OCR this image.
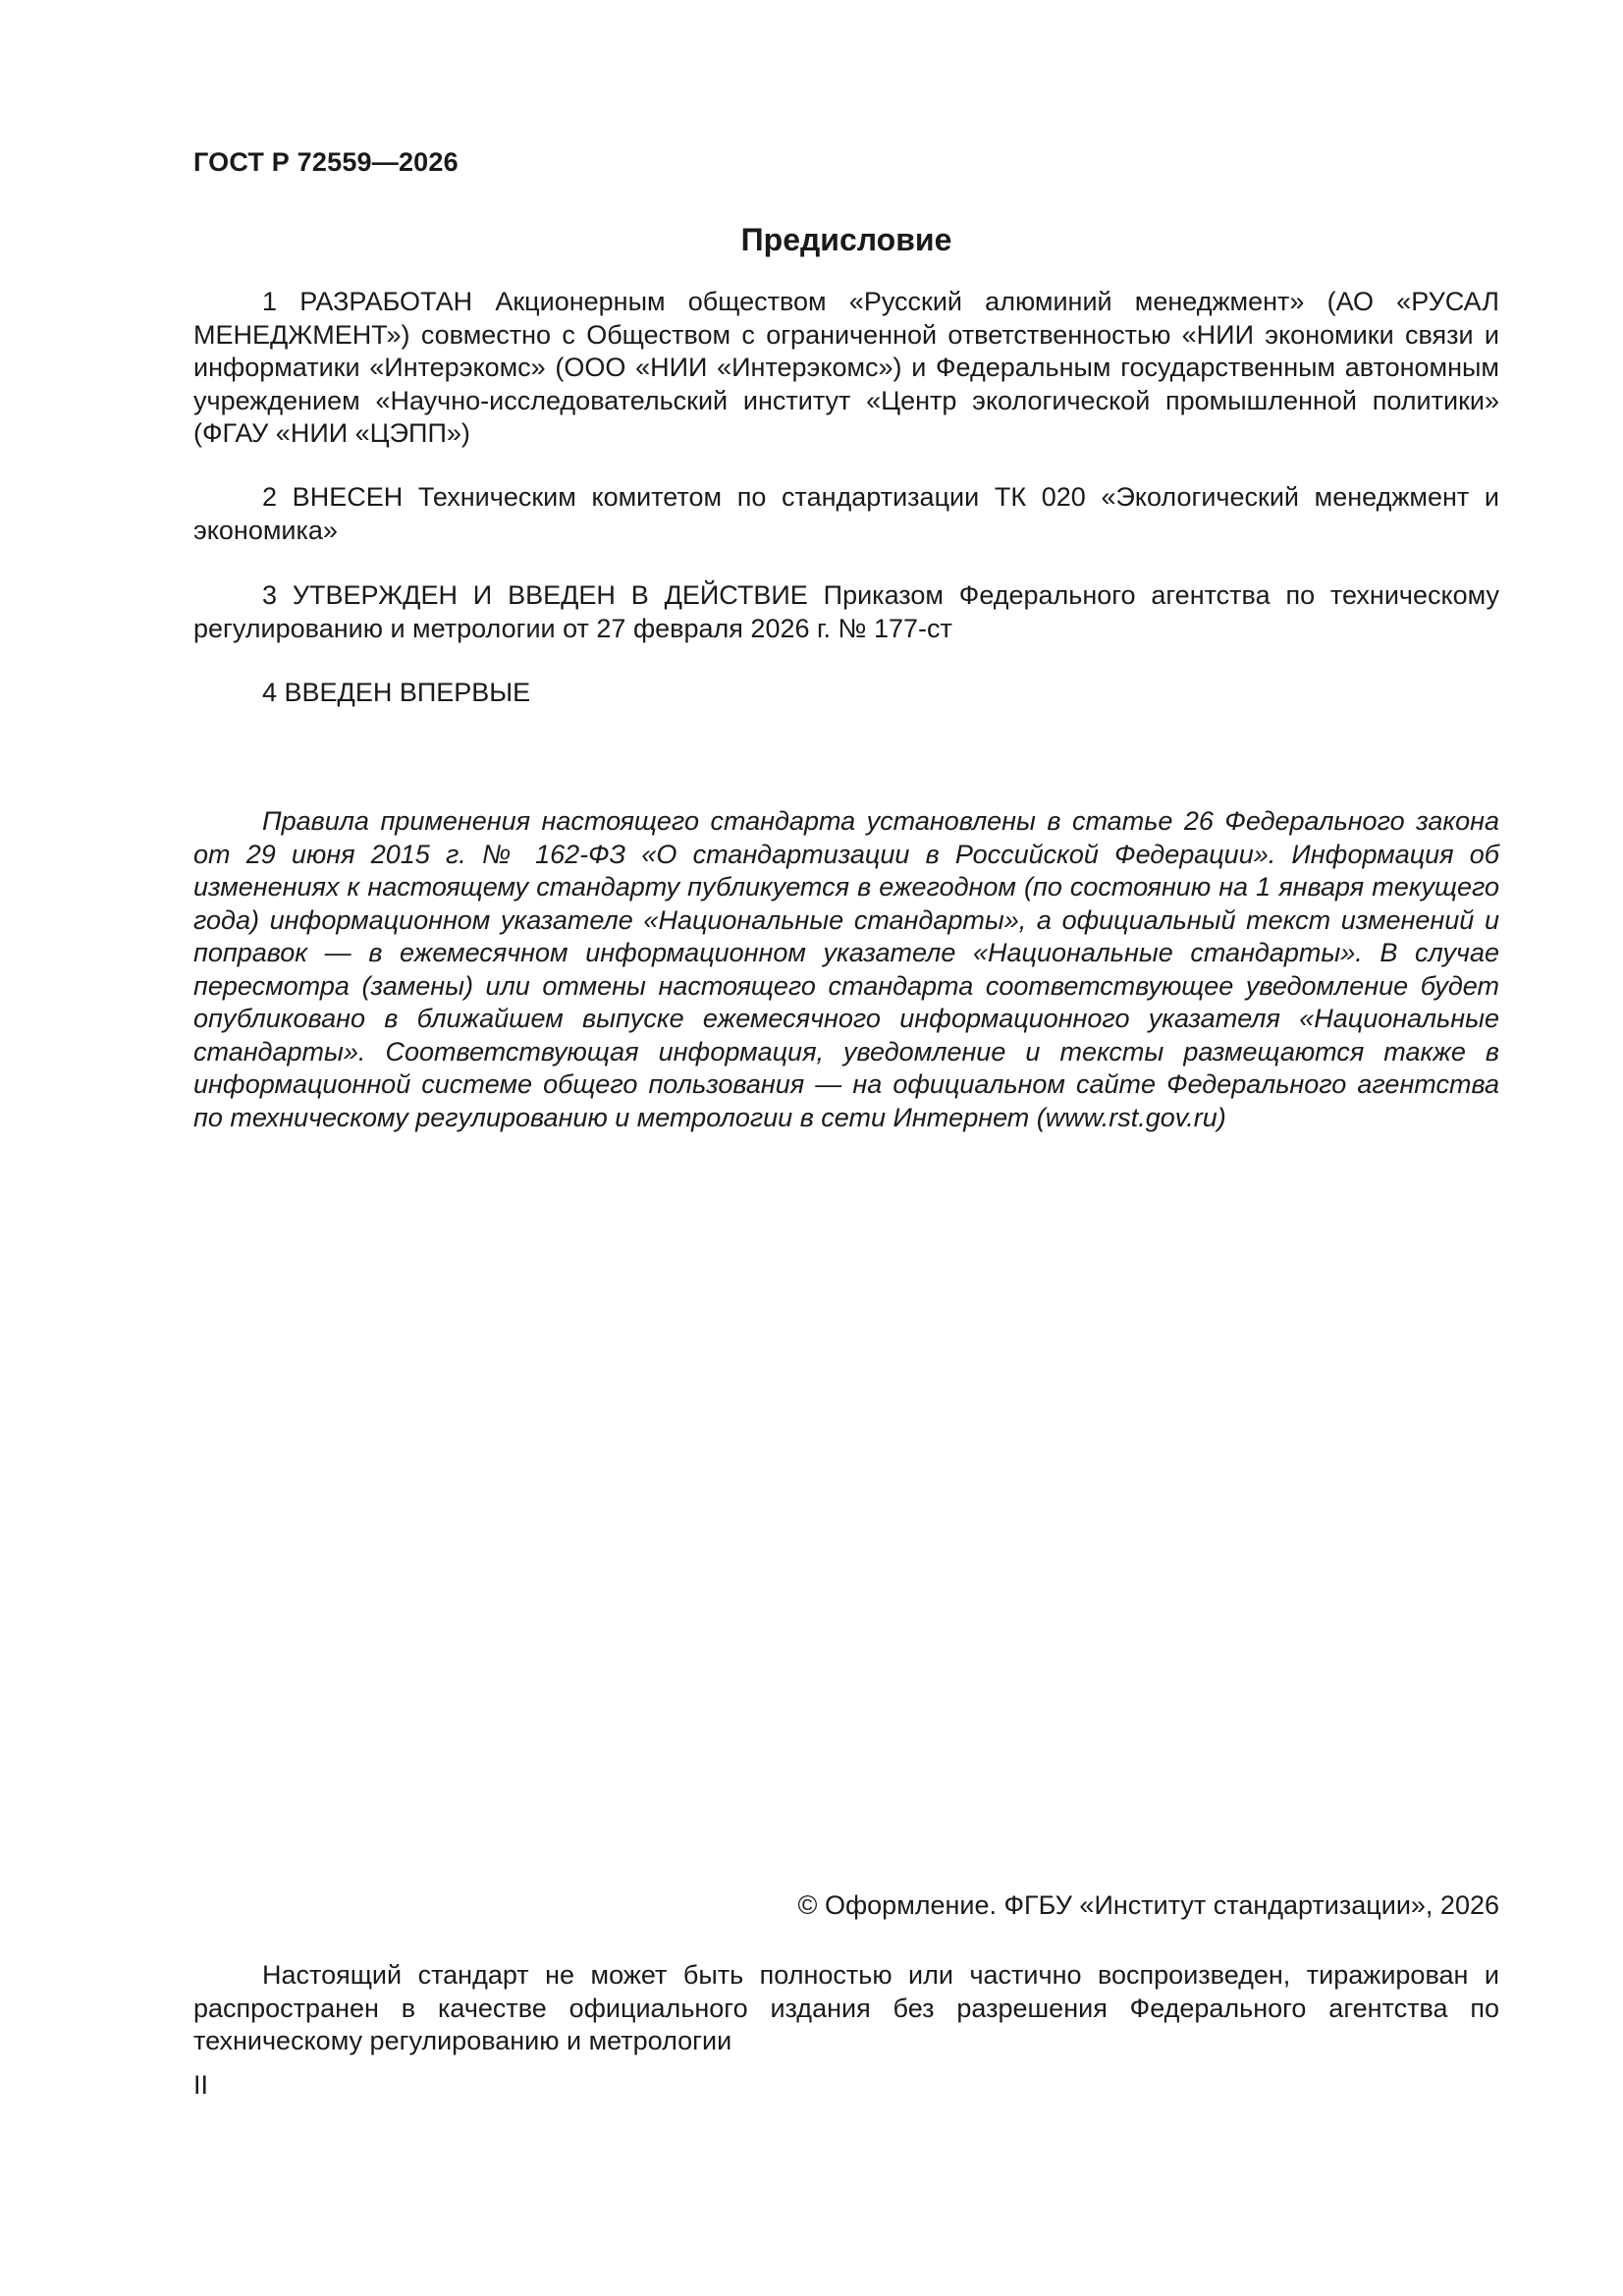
ГОСТ Р 72559—2026
Предисловие

1 РАЗРАБОТАН Акционерным обществом «Русский алюминий менеджмент» (АО «РУСАЛ МЕНЕДЖМЕНТ») совместно с Обществом с ограниченной ответственностью «НИИ экономики связи и информатики «Интерэкомс» (ООО «НИИ «Интерэкомс») и Федеральным государственным автономным учреждением «Научно-исследовательский институт «Центр экологической промышленной политики» (ФГАУ «НИИ «ЦЭПП»)

2 ВНЕСЕН Техническим комитетом по стандартизации ТК 020 «Экологический менеджмент и экономика»

3 УТВЕРЖДЕН И ВВЕДЕН В ДЕЙСТВИЕ Приказом Федерального агентства по техническому регулированию и метрологии от 27 февраля 2026 г. № 177-ст

4 ВВЕДЕН ВПЕРВЫЕ

Правила применения настоящего стандарта установлены в статье 26 Федерального закона от 29 июня 2015 г. № 162-ФЗ «О стандартизации в Российской Федерации». Информация об изменениях к настоящему стандарту публикуется в ежегодном (по состоянию на 1 января текущего года) информационном указателе «Национальные стандарты», а официальный текст изменений и поправок — в ежемесячном информационном указателе «Национальные стандарты». В случае пересмотра (замены) или отмены настоящего стандарта соответствующее уведомление будет опубликовано в ближайшем выпуске ежемесячного информационного указателя «Национальные стандарты». Соответствующая информация, уведомление и тексты размещаются также в информационной системе общего пользования — на официальном сайте Федерального агентства по техническому регулированию и метрологии в сети Интернет (www.rst.gov.ru)

© Оформление. ФГБУ «Институт стандартизации», 2026

Настоящий стандарт не может быть полностью или частично воспроизведен, тиражирован и распространен в качестве официального издания без разрешения Федерального агентства по техническому регулированию и метрологии

II
